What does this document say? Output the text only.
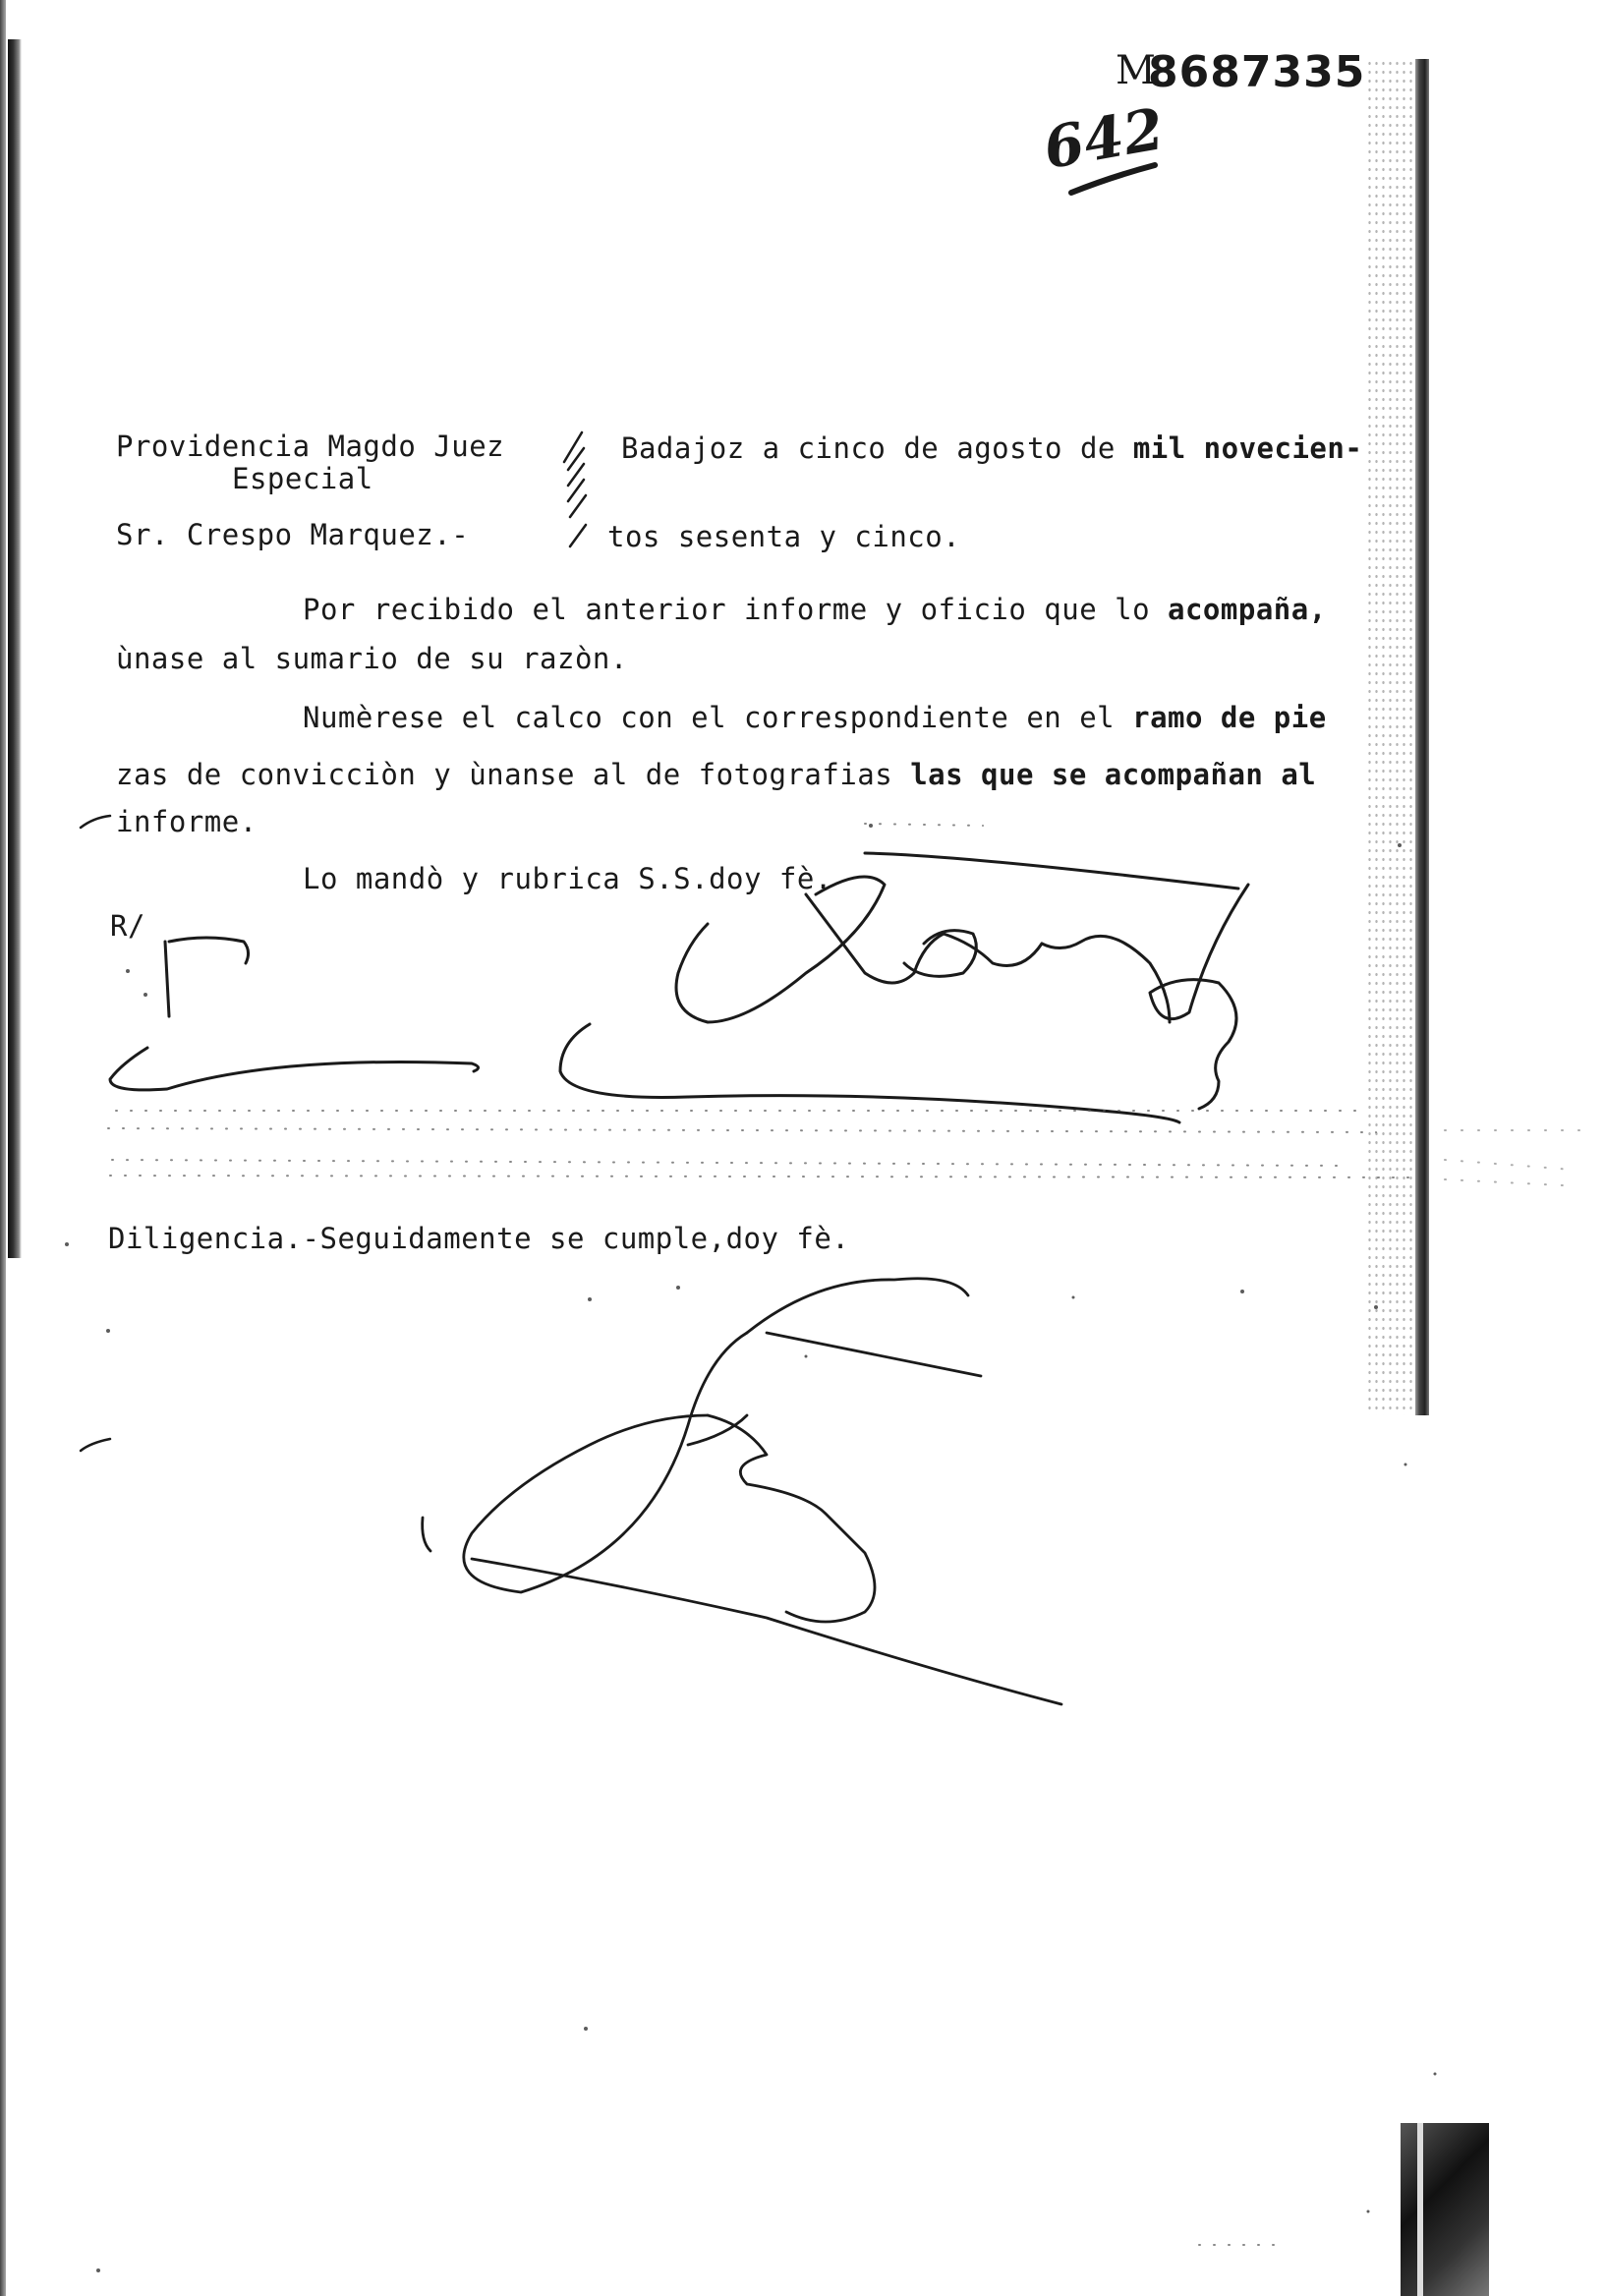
M
8687335
642
Providencia Magdo Juez
Especial
Sr. Crespo Marquez.-
Badajoz a cinco de agosto de mil novecien-
tos sesenta y cinco.
Por recibido el anterior informe y oficio que lo acompaña,
ùnase al sumario de su razòn.
Numèrese el calco con el correspondiente en el ramo de pie
zas de convicciòn y ùnanse al de fotografias las que se acompañan al
informe.
Lo mandò y rubrica S.S.doy fè.
R/
Diligencia.-Seguidamente se cumple,doy fè.
